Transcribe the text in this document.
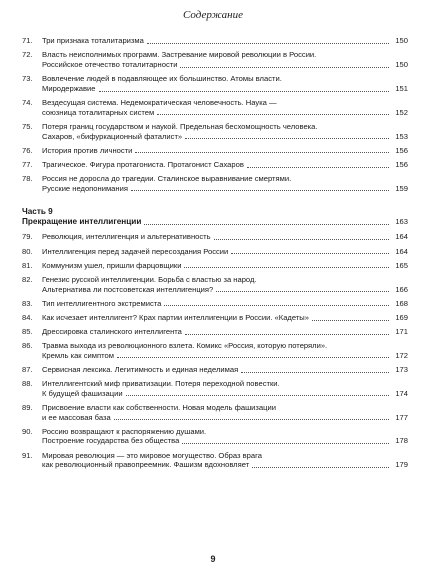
Содержание
71.	Три признака тоталитаризма	150
72.	Власть неисполнимых программ. Застревание мировой революции в России.
Российское отечество тоталитарности	150
73.	Вовлечение людей в подавляющее их большинство. Атомы власти.
Миродержавие	151
74.	Вездесущая система. Недемократическая человечность. Наука —
союзница тоталитарных систем	152
75.	Потеря границ государством и наукой. Предельная бесхомощность человека.
Сахаров, «бифуркационный фаталист»	153
76.	История против личности	156
77.	Трагическое. Фигура протагониста. Протагонист Сахаров	156
78.	Россия не доросла до трагедии. Сталинское выравнивание смертями.
Русские недопонимания	159
Часть 9
Прекращение интеллигенции	163
79.	Революция, интеллигенция и альтернативность	164
80.	Интеллигенция перед задачей пересоздания России	164
81.	Коммунизм ушел, пришли фарцовщики	165
82.	Генезис русской интеллигенции. Борьба с властью за народ.
Альтернатива ли постсоветская интеллигенция?	166
83.	Тип интеллигентного экстремиста	168
84.	Как исчезает интеллигент? Крах партии интеллигенции в России. «Кадеты»	169
85.	Дрессировка сталинского интеллигента	171
86.	Травма выхода из революционного взлета. Комикс «Россия, которую потеряли».
Кремль как симптом	172
87.	Сервисная лексика. Легитимность и единая неделимая	173
88.	Интеллигентский миф приватизации. Потеря переходной повестки.
К будущей фашизации	174
89.	Присвоение власти как собственности. Новая модель фашизации
и ее массовая база	177
90.	Россию возвращают к распоряжению душами.
Построение государства без общества	178
91.	Мировая революция — это мировое могущество. Образ врага
как революционный правопреемник. Фашизм вдохновляет	179
9
